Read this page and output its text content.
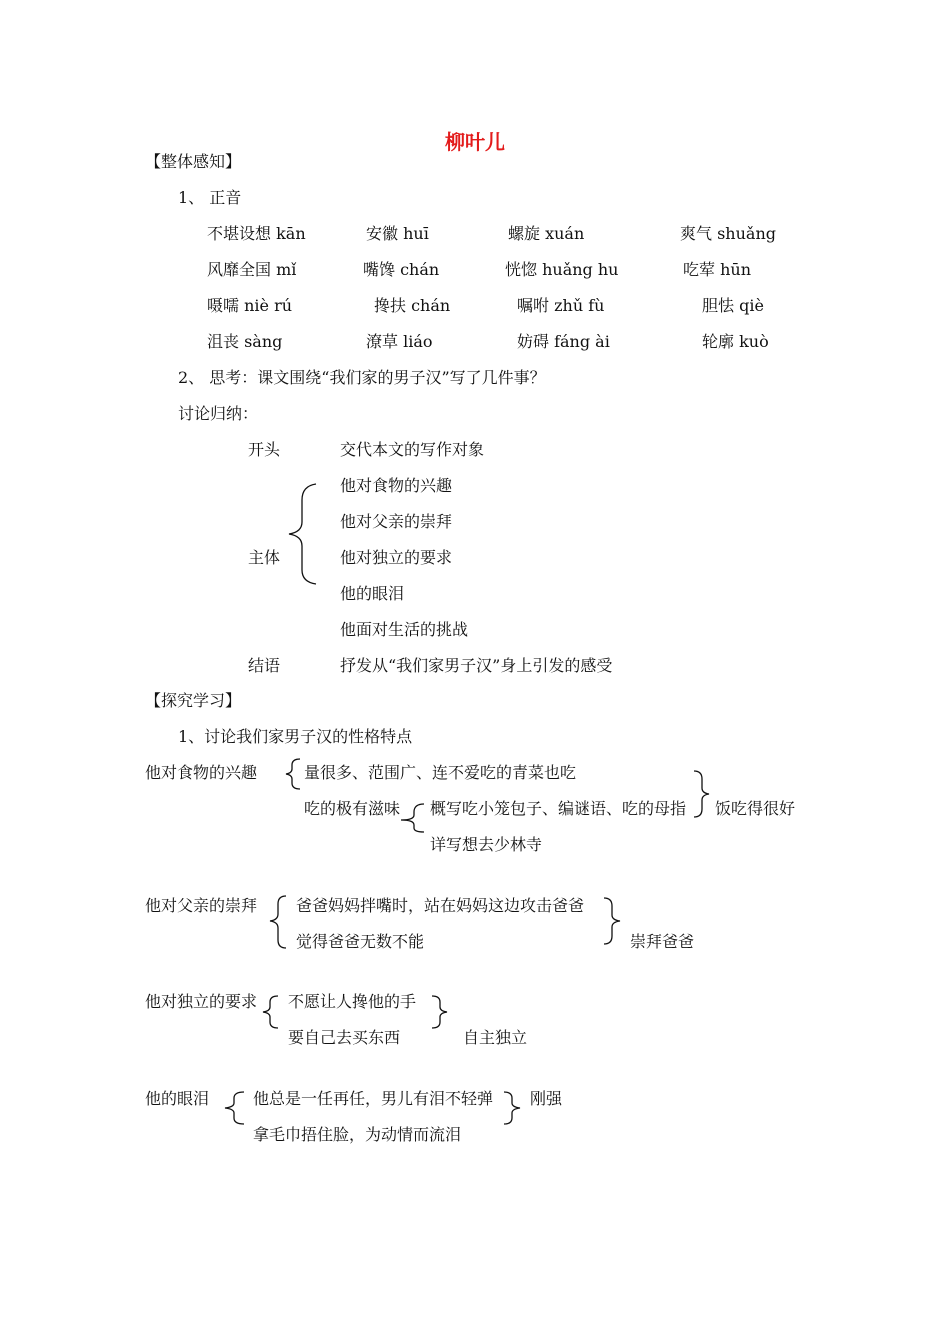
柳叶儿
【整体感知】
1、 正音
不堪设想 kān	安徽 huī	螺旋 xuán	爽气 shuǎng
风靡全国 mǐ	嘴馋 chán	恍惚 huǎng hu	吃荤 hūn
嗫嚅 niè rú	搀扶 chán	嘱咐 zhǔ fù	胆怯 qiè
沮丧 sàng	潦草 liáo	妨碍 fáng ài	轮廓 kuò
2、 思考：课文围绕“我们家的男子汉”写了几件事？
讨论归纳：
开头	交代本文的写作对象
主体
他对食物的兴趣
他对父亲的崇拜
他对独立的要求
他的眼泪
他面对生活的挑战
结语	抒发从“我们家男子汉”身上引发的感受
【探究学习】
1、讨论我们家男子汉的性格特点
他对食物的兴趣	量很多、范围广、连不爱吃的青菜也吃
吃的极有滋味 概写吃小笼包子、编谜语、吃的母指
详写想去少林寺
饭吃得很好
他对父亲的崇拜 爸爸妈妈拌嘴时，站在妈妈这边攻击爸爸
觉得爸爸无数不能	崇拜爸爸
他对独立的要求 不愿让人搀他的手
要自己去买东西	自主独立
他的眼泪	他总是一任再任，男儿有泪不轻弹
拿毛巾捂住脸，为动情而流泪
刚强
